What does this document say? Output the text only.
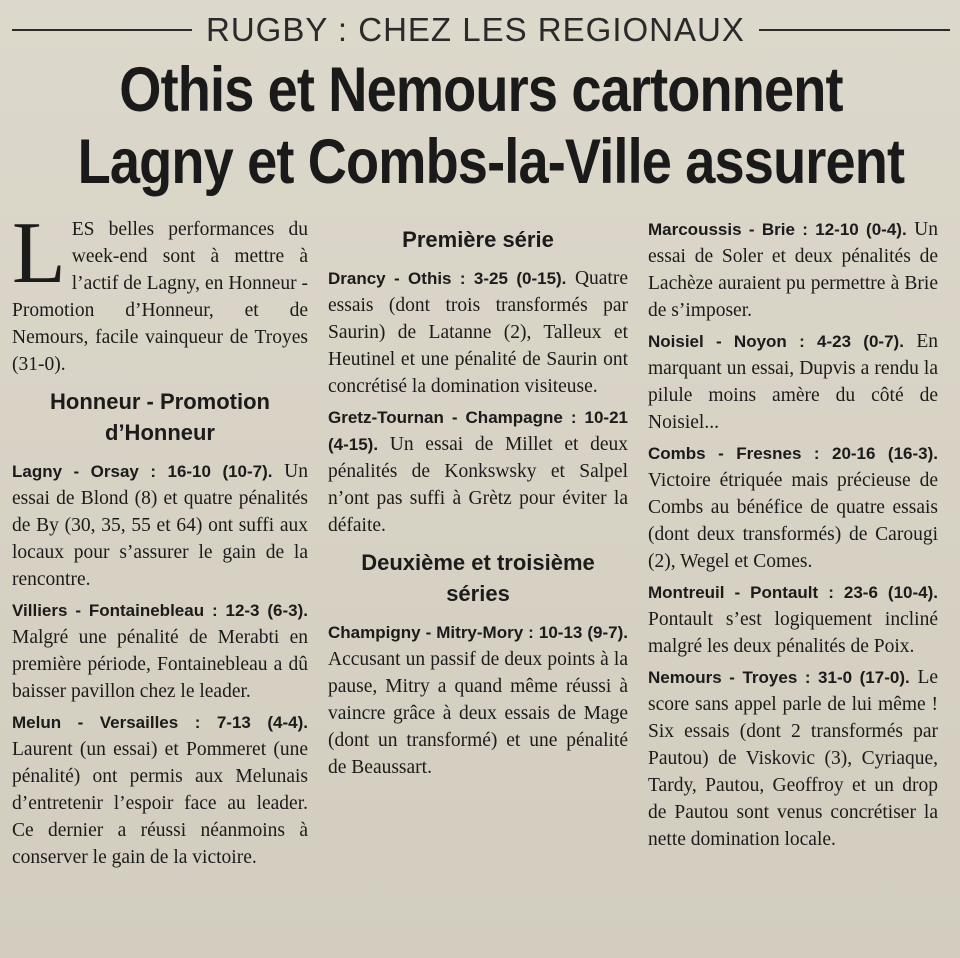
RUGBY : CHEZ LES REGIONAUX
Othis et Nemours cartonnent
Lagny et Combs-la-Ville assurent

LES belles performances du week-end sont à mettre à l’actif de Lagny, en Honneur - Promotion d’Honneur, et de Nemours, facile vainqueur de Troyes (31-0).

Honneur - Promotion d’Honneur

Lagny - Orsay : 16-10 (10-7). Un essai de Blond (8) et quatre pénalités de By (30, 35, 55 et 64) ont suffi aux locaux pour s’assurer le gain de la rencontre.

Villiers - Fontainebleau : 12-3 (6-3). Malgré une pénalité de Merabti en première période, Fontainebleau a dû baisser pavillon chez le leader.

Melun - Versailles : 7-13 (4-4). Laurent (un essai) et Pommeret (une pénalité) ont permis aux Melunais d’entretenir l’espoir face au leader. Ce dernier a réussi néanmoins à conserver le gain de la victoire.

Première série

Drancy - Othis : 3-25 (0-15). Quatre essais (dont trois transformés par Saurin) de Latanne (2), Talleux et Heutinel et une pénalité de Saurin ont concrétisé la domination visiteuse.

Gretz-Tournan - Champagne : 10-21 (4-15). Un essai de Millet et deux pénalités de Konkswsky et Salpel n’ont pas suffi à Grètz pour éviter la défaite.

Deuxième et troisième séries

Champigny - Mitry-Mory : 10-13 (9-7). Accusant un passif de deux points à la pause, Mitry a quand même réussi à vaincre grâce à deux essais de Mage (dont un transformé) et une pénalité de Beaussart.

Marcoussis - Brie : 12-10 (0-4). Un essai de Soler et deux pénalités de Lachèze auraient pu permettre à Brie de s’imposer.

Noisiel - Noyon : 4-23 (0-7). En marquant un essai, Dupvis a rendu la pilule moins amère du côté de Noisiel...

Combs - Fresnes : 20-16 (16-3). Victoire étriquée mais précieuse de Combs au bénéfice de quatre essais (dont deux transformés) de Carougi (2), Wegel et Comes.

Montreuil - Pontault : 23-6 (10-4). Pontault s’est logiquement incliné malgré les deux pénalités de Poix.

Nemours - Troyes : 31-0 (17-0). Le score sans appel parle de lui même ! Six essais (dont 2 transformés par Pautou) de Viskovic (3), Cyriaque, Tardy, Pautou, Geoffroy et un drop de Pautou sont venus concrétiser la nette domination locale.
